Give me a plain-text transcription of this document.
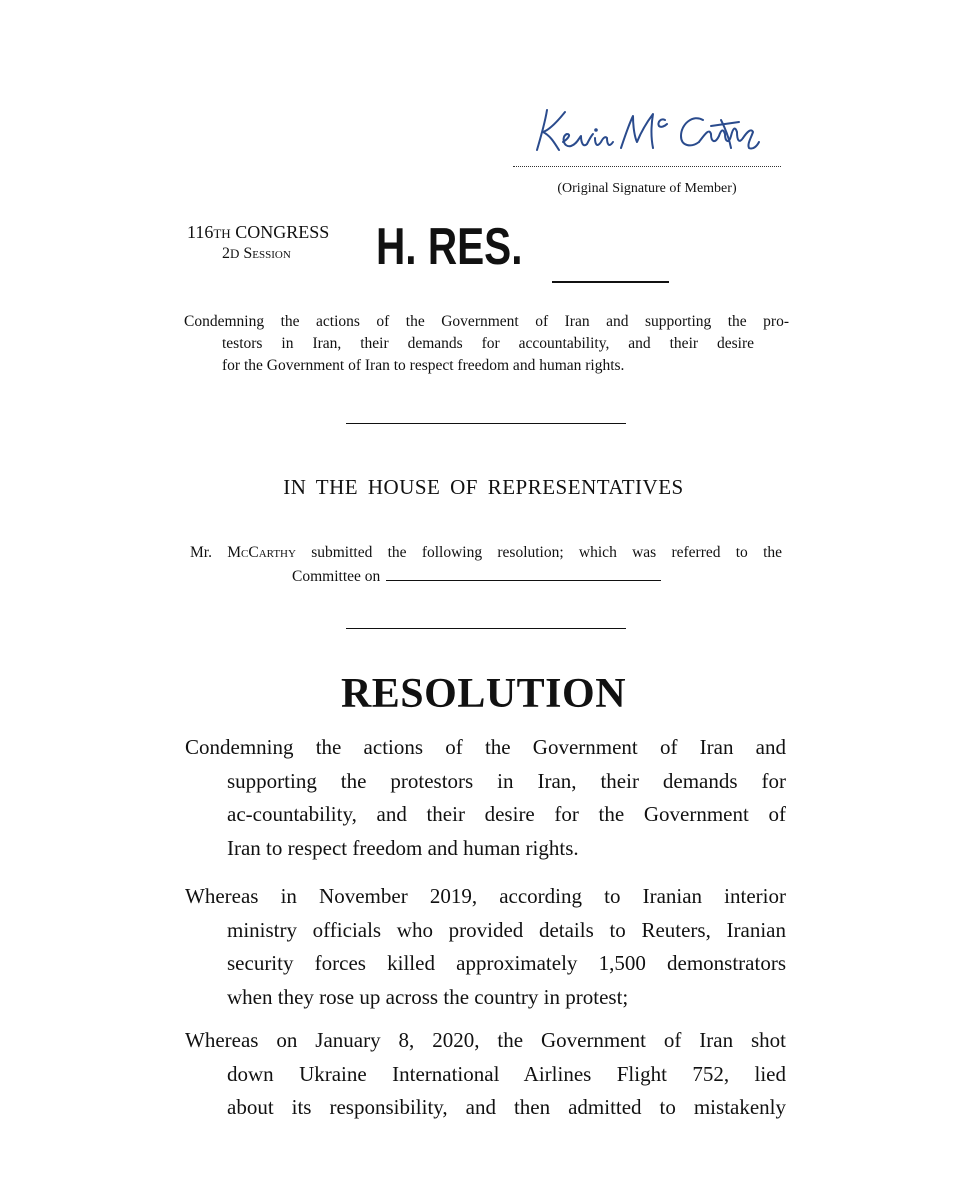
(Original Signature of Member)
116TH CONGRESS
2D Session H. RES.
Condemning the actions of the Government of Iran and supporting the pro-
testors in Iran, their demands for accountability, and their desire
for the Government of Iran to respect freedom and human rights.
IN THE HOUSE OF REPRESENTATIVES
Mr. McCarthy submitted the following resolution; which was referred to the
Committee on
RESOLUTION
Condemning the actions of the Government of Iran and
supporting the protestors in Iran, their demands for
ac-countability, and their desire for the Government of
Iran to respect freedom and human rights.
Whereas in November 2019, according to Iranian interior
ministry officials who provided details to Reuters, Iranian
security forces killed approximately 1,500 demonstrators
when they rose up across the country in protest;
Whereas on January 8, 2020, the Government of Iran shot
down Ukraine International Airlines Flight 752, lied
about its responsibility, and then admitted to mistakenly
